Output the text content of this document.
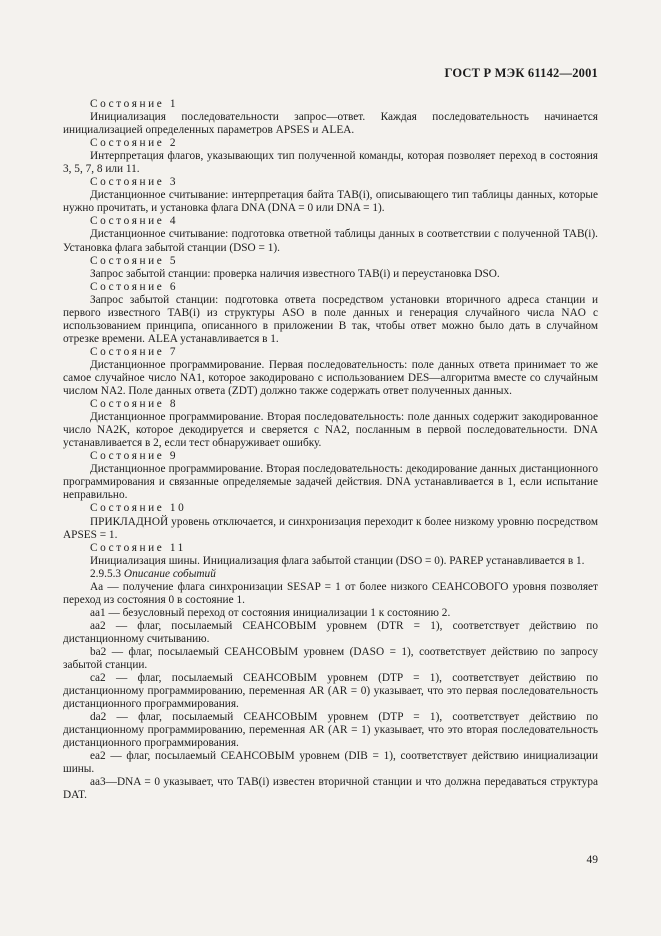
ГОСТ Р МЭК 61142—2001

Состояние 1

Инициализация последовательности запрос—ответ. Каждая последовательность начинается инициализацией определенных параметров APSES и ALEA.

Состояние 2

Интерпретация флагов, указывающих тип полученной команды, которая позволяет переход в состояния 3, 5, 7, 8 или 11.

Состояние 3

Дистанционное считывание: интерпретация байта TAB(i), описывающего тип таблицы данных, которые нужно прочитать, и установка флага DNA (DNA = 0 или DNA = 1).

Состояние 4

Дистанционное считывание: подготовка ответной таблицы данных в соответствии с полученной TAB(i). Установка флага забытой станции (DSO = 1).

Состояние 5

Запрос забытой станции: проверка наличия известного TAB(i) и переустановка DSO.

Состояние 6

Запрос забытой станции: подготовка ответа посредством установки вторичного адреса станции и первого известного TAB(i) из структуры ASO в поле данных и генерация случайного числа NAO с использованием принципа, описанного в приложении В так, чтобы ответ можно было дать в случайном отрезке времени. ALEA устанавливается в 1.

Состояние 7

Дистанционное программирование. Первая последовательность: поле данных ответа принимает то же самое случайное число NA1, которое закодировано с использованием DES—алгоритма вместе со случайным числом NA2. Поле данных ответа (ZDT) должно также содержать ответ полученных данных.

Состояние 8

Дистанционное программирование. Вторая последовательность: поле данных содержит закодированное число NA2K, которое декодируется и сверяется с NA2, посланным в первой последовательности. DNA устанавливается в 2, если тест обнаруживает ошибку.

Состояние 9

Дистанционное программирование. Вторая последовательность: декодирование данных дистанционного программирования и связанные определяемые задачей действия. DNA устанавливается в 1, если испытание неправильно.

Состояние 10

ПРИКЛАДНОЙ уровень отключается, и синхронизация переходит к более низкому уровню посредством APSES = 1.

Состояние 11

Инициализация шины. Инициализация флага забытой станции (DSO = 0). PAREP устанавливается в 1.

2.9.5.3 Описание событий

Aa — получение флага синхронизации SESAP = 1 от более низкого СЕАНСОВОГО уровня позволяет переход из состояния 0 в состояние 1.

aa1 — безусловный переход от состояния инициализации 1 к состоянию 2.

aa2 — флаг, посылаемый СЕАНСОВЫМ уровнем (DTR = 1), соответствует действию по дистанционному считыванию.

ba2 — флаг, посылаемый СЕАНСОВЫМ уровнем (DASO = 1), соответствует действию по запросу забытой станции.

ca2 — флаг, посылаемый СЕАНСОВЫМ уровнем (DTP = 1), соответствует действию по дистанционному программированию, переменная AR (AR = 0) указывает, что это первая последовательность дистанционного программирования.

da2 — флаг, посылаемый СЕАНСОВЫМ уровнем (DTP = 1), соответствует действию по дистанционному программированию, переменная AR (AR = 1) указывает, что это вторая последовательность дистанционного программирования.

ea2 — флаг, посылаемый СЕАНСОВЫМ уровнем (DIB = 1), соответствует действию инициализации шины.

aa3—DNA = 0 указывает, что TAB(i) известен вторичной станции и что должна передаваться структура DAT.

49
